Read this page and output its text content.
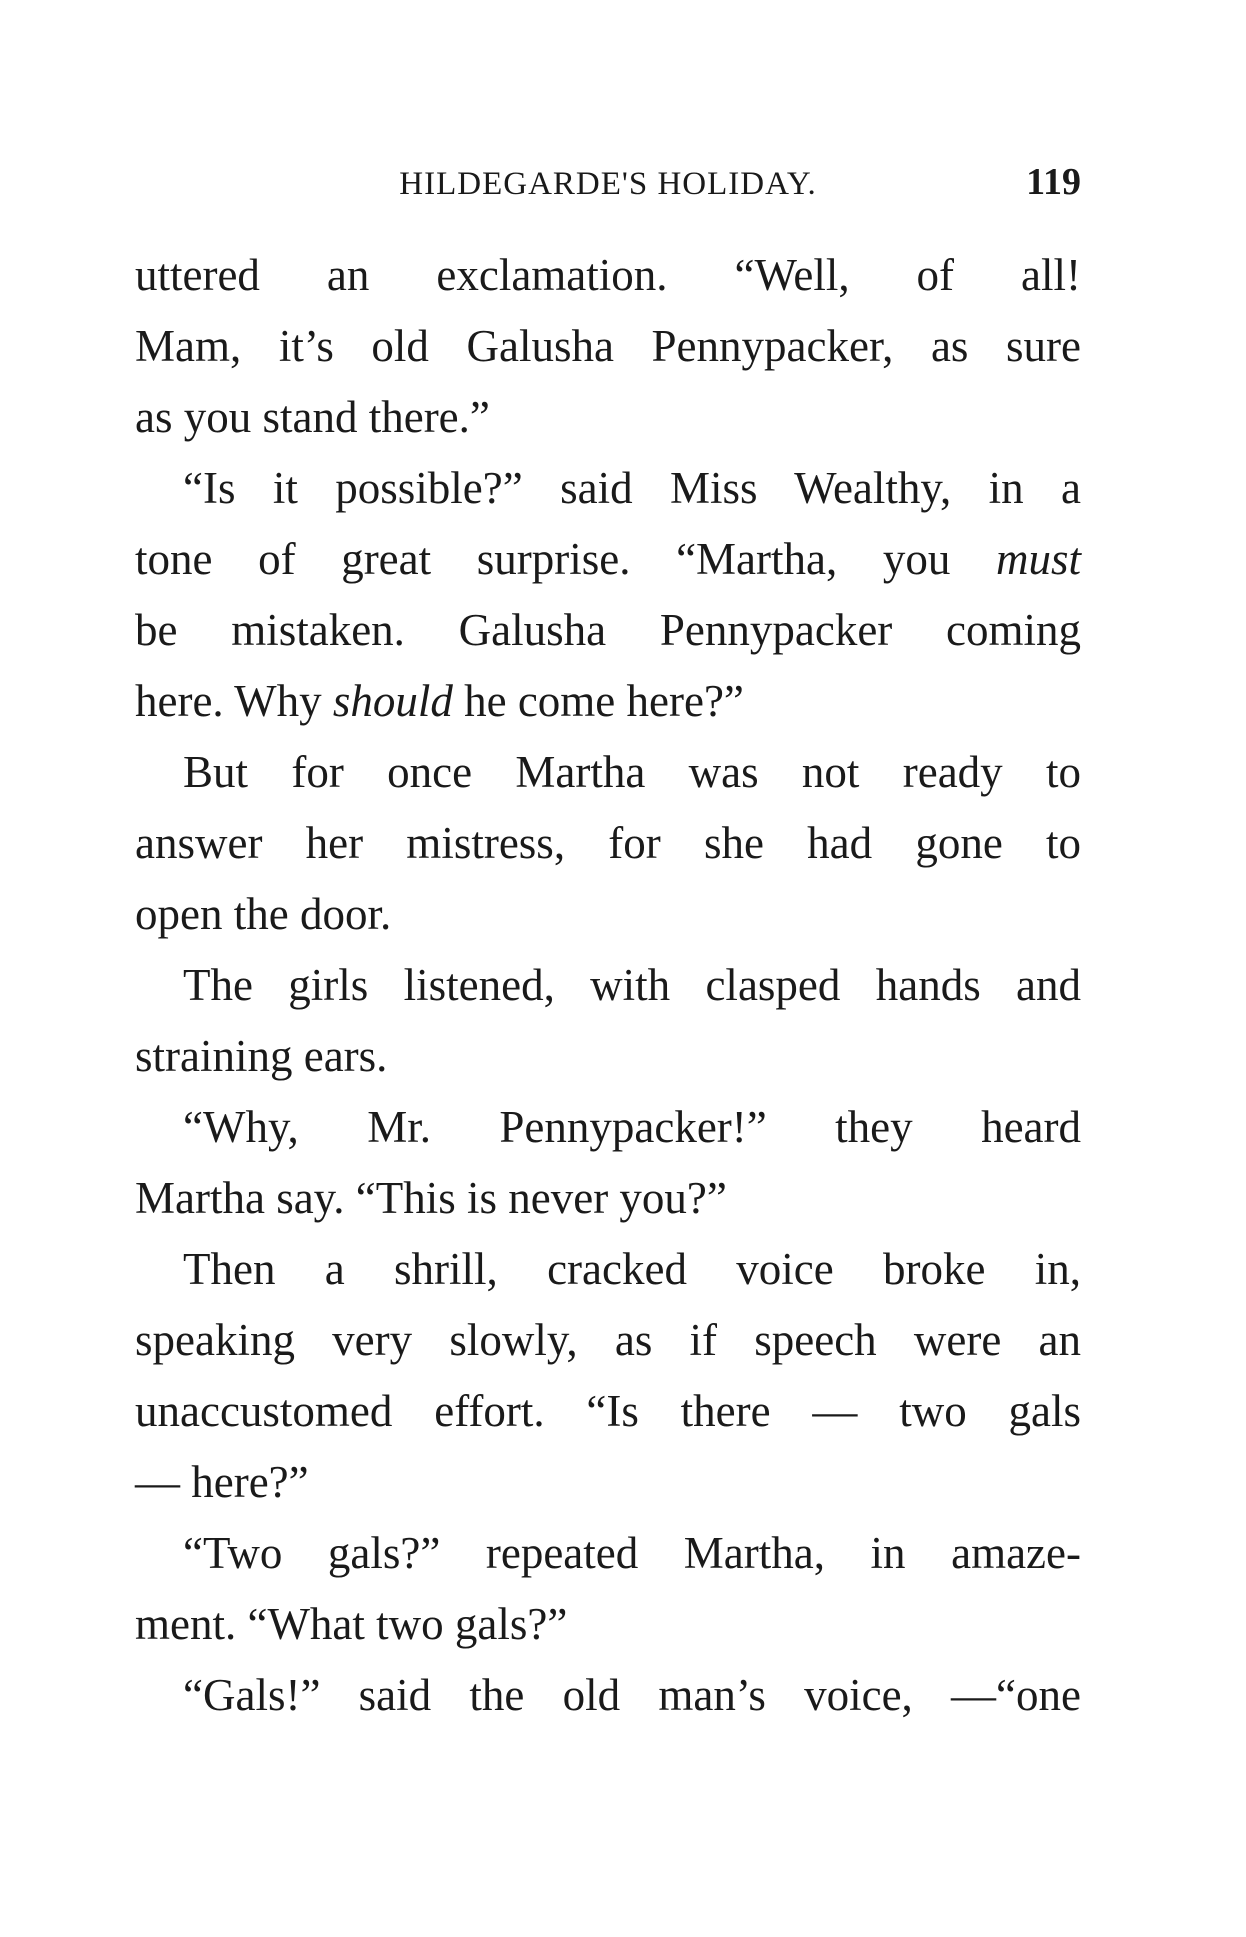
HILDEGARDE'S HOLIDAY.	119
uttered an exclamation. “Well, of all!
Mam, it’s old Galusha Pennypacker, as sure
as you stand there.”
“Is it possible?” said Miss Wealthy, in a
tone of great surprise. “Martha, you must
be mistaken. Galusha Pennypacker coming
here. Why should he come here?”
But for once Martha was not ready to
answer her mistress, for she had gone to
open the door.
The girls listened, with clasped hands and
straining ears.
“Why, Mr. Pennypacker!” they heard
Martha say. “This is never you?”
Then a shrill, cracked voice broke in,
speaking very slowly, as if speech were an
unaccustomed effort. “Is there — two gals
— here?”
“Two gals?” repeated Martha, in amaze-
ment. “What two gals?”
“Gals!” said the old man’s voice, —“one
